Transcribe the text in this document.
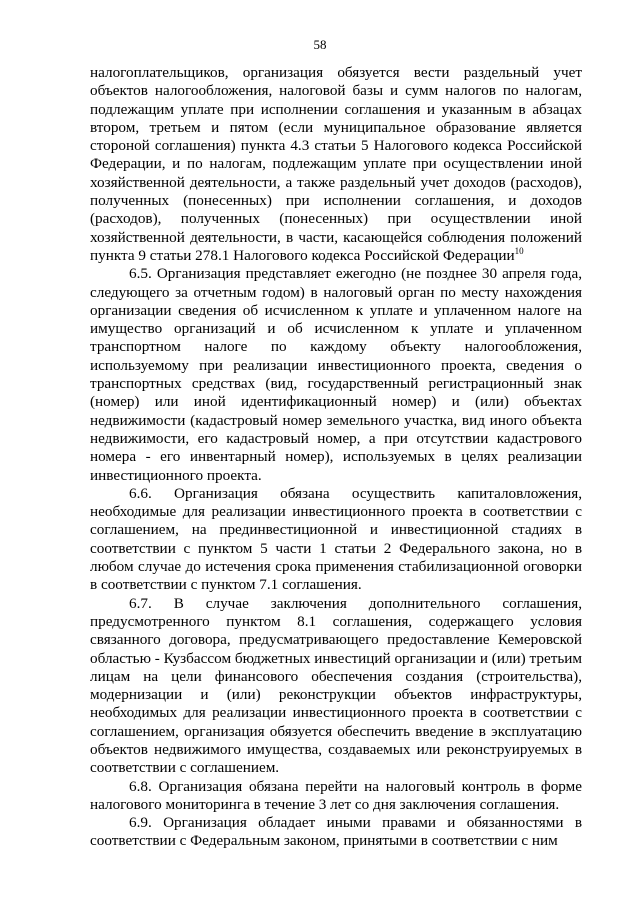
58

налогоплательщиков, организация обязуется вести раздельный учет объектов налогообложения, налоговой базы и сумм налогов по налогам, подлежащим уплате при исполнении соглашения и указанным в абзацах втором, третьем и пятом (если муниципальное образование является стороной соглашения) пункта 4.3 статьи 5 Налогового кодекса Российской Федерации, и по налогам, подлежащим уплате при осуществлении иной хозяйственной деятельности, а также раздельный учет доходов (расходов), полученных (понесенных) при исполнении соглашения, и доходов (расходов), полученных (понесенных) при осуществлении иной хозяйственной деятельности, в части, касающейся соблюдения положений пункта 9 статьи 278.1 Налогового кодекса Российской Федерации$^{10}$

6.5. Организация представляет ежегодно (не позднее 30 апреля года, следующего за отчетным годом) в налоговый орган по месту нахождения организации сведения об исчисленном к уплате и уплаченном налоге на имущество организаций и об исчисленном к уплате и уплаченном транспортном налоге по каждому объекту налогообложения, используемому при реализации инвестиционного проекта, сведения о транспортных средствах (вид, государственный регистрационный знак (номер) или иной идентификационный номер) и (или) объектах недвижимости (кадастровый номер земельного участка, вид иного объекта недвижимости, его кадастровый номер, а при отсутствии кадастрового номера - его инвентарный номер), используемых в целях реализации инвестиционного проекта.

6.6. Организация обязана осуществить капиталовложения, необходимые для реализации инвестиционного проекта в соответствии с соглашением, на прединвестиционной и инвестиционной стадиях в соответствии с пунктом 5 части 1 статьи 2 Федерального закона, но в любом случае до истечения срока применения стабилизационной оговорки в соответствии с пунктом 7.1 соглашения.

6.7. В случае заключения дополнительного соглашения, предусмотренного пунктом 8.1 соглашения, содержащего условия связанного договора, предусматривающего предоставление Кемеровской областью - Кузбассом бюджетных инвестиций организации и (или) третьим лицам на цели финансового обеспечения создания (строительства), модернизации и (или) реконструкции объектов инфраструктуры, необходимых для реализации инвестиционного проекта в соответствии с соглашением, организация обязуется обеспечить введение в эксплуатацию объектов недвижимого имущества, создаваемых или реконструируемых в соответствии с соглашением.

6.8. Организация обязана перейти на налоговый контроль в форме налогового мониторинга в течение 3 лет со дня заключения соглашения.

6.9. Организация обладает иными правами и обязанностями в соответствии с Федеральным законом, принятыми в соответствии с ним
